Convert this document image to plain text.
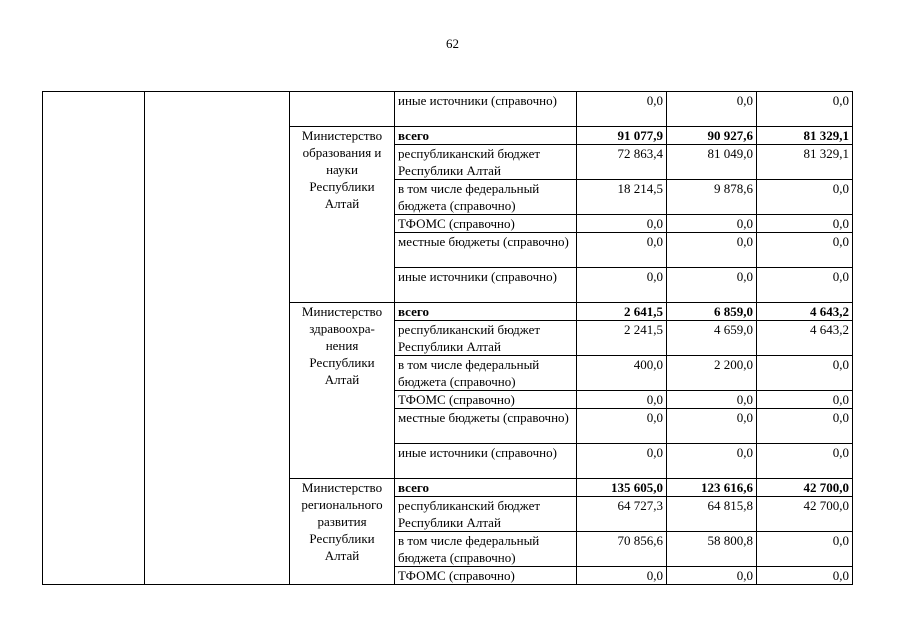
62
			иные источники (справочно)	0,0	0,0	0,0
		Министерство образования и науки Республики Алтай	всего	91 077,9	90 927,6	81 329,1
			республиканский бюджет Республики Алтай	72 863,4	81 049,0	81 329,1
			в том числе федеральный бюджета (справочно)	18 214,5	9 878,6	0,0
			ТФОМС (справочно)	0,0	0,0	0,0
			местные бюджеты (справочно)	0,0	0,0	0,0
			иные источники (справочно)	0,0	0,0	0,0
		Министерство здравоохра-нения Республики Алтай	всего	2 641,5	6 859,0	4 643,2
			республиканский бюджет Республики Алтай	2 241,5	4 659,0	4 643,2
			в том числе федеральный бюджета (справочно)	400,0	2 200,0	0,0
			ТФОМС (справочно)	0,0	0,0	0,0
			местные бюджеты (справочно)	0,0	0,0	0,0
			иные источники (справочно)	0,0	0,0	0,0
		Министерство регионального развития Республики Алтай	всего	135 605,0	123 616,6	42 700,0
			республиканский бюджет Республики Алтай	64 727,3	64 815,8	42 700,0
			в том числе федеральный бюджета (справочно)	70 856,6	58 800,8	0,0
			ТФОМС (справочно)	0,0	0,0	0,0
